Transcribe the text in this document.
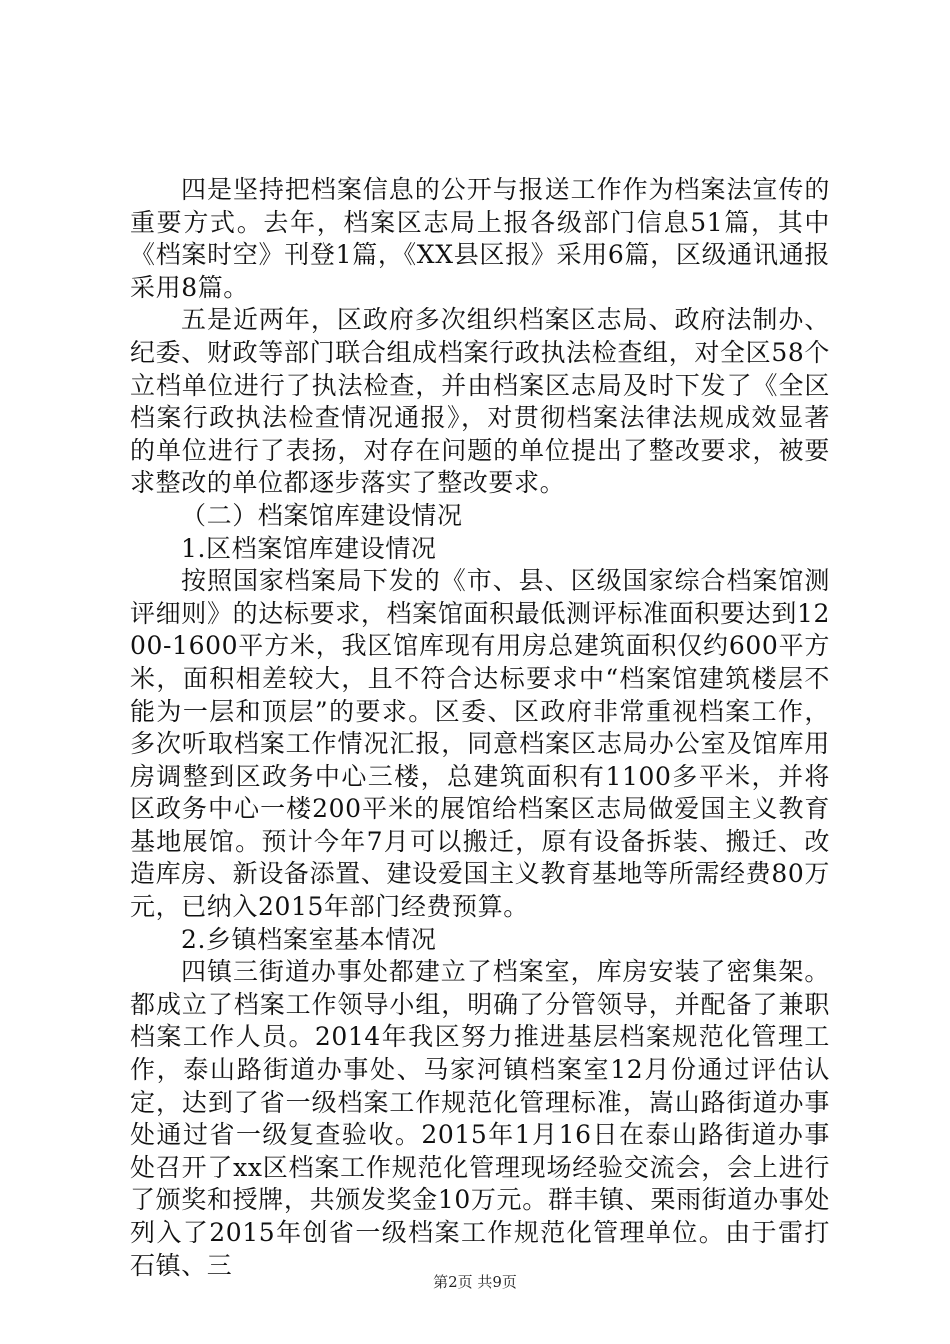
四是坚持把档案信息的公开与报送工作作为档案法宣传的重要方式。去年，档案区志局上报各级部门信息51篇，其中《档案时空》刊登1篇，《XX县区报》采用6篇，区级通讯通报采用8篇。

五是近两年，区政府多次组织档案区志局、政府法制办、纪委、财政等部门联合组成档案行政执法检查组，对全区58个立档单位进行了执法检查，并由档案区志局及时下发了《全区档案行政执法检查情况通报》，对贯彻档案法律法规成效显著的单位进行了表扬，对存在问题的单位提出了整改要求，被要求整改的单位都逐步落实了整改要求。

（二）档案馆库建设情况

1.区档案馆库建设情况

按照国家档案局下发的《市、县、区级国家综合档案馆测评细则》的达标要求，档案馆面积最低测评标准面积要达到1200-1600平方米，我区馆库现有用房总建筑面积仅约600平方米，面积相差较大，且不符合达标要求中“档案馆建筑楼层不能为一层和顶层”的要求。区委、区政府非常重视档案工作，多次听取档案工作情况汇报，同意档案区志局办公室及馆库用房调整到区政务中心三楼，总建筑面积有1100多平米，并将区政务中心一楼200平米的展馆给档案区志局做爱国主义教育基地展馆。预计今年7月可以搬迁，原有设备拆装、搬迁、改造库房、新设备添置、建设爱国主义教育基地等所需经费80万元，已纳入2015年部门经费预算。

2.乡镇档案室基本情况

四镇三街道办事处都建立了档案室，库房安装了密集架。都成立了档案工作领导小组，明确了分管领导，并配备了兼职档案工作人员。2014年我区努力推进基层档案规范化管理工作，泰山路街道办事处、马家河镇档案室12月份通过评估认定，达到了省一级档案工作规范化管理标准，嵩山路街道办事处通过省一级复查验收。2015年1月16日在泰山路街道办事处召开了xx区档案工作规范化管理现场经验交流会，会上进行了颁奖和授牌，共颁发奖金10万元。群丰镇、栗雨街道办事处列入了2015年创省一级档案工作规范化管理单位。由于雷打石镇、三

第2页 共9页
